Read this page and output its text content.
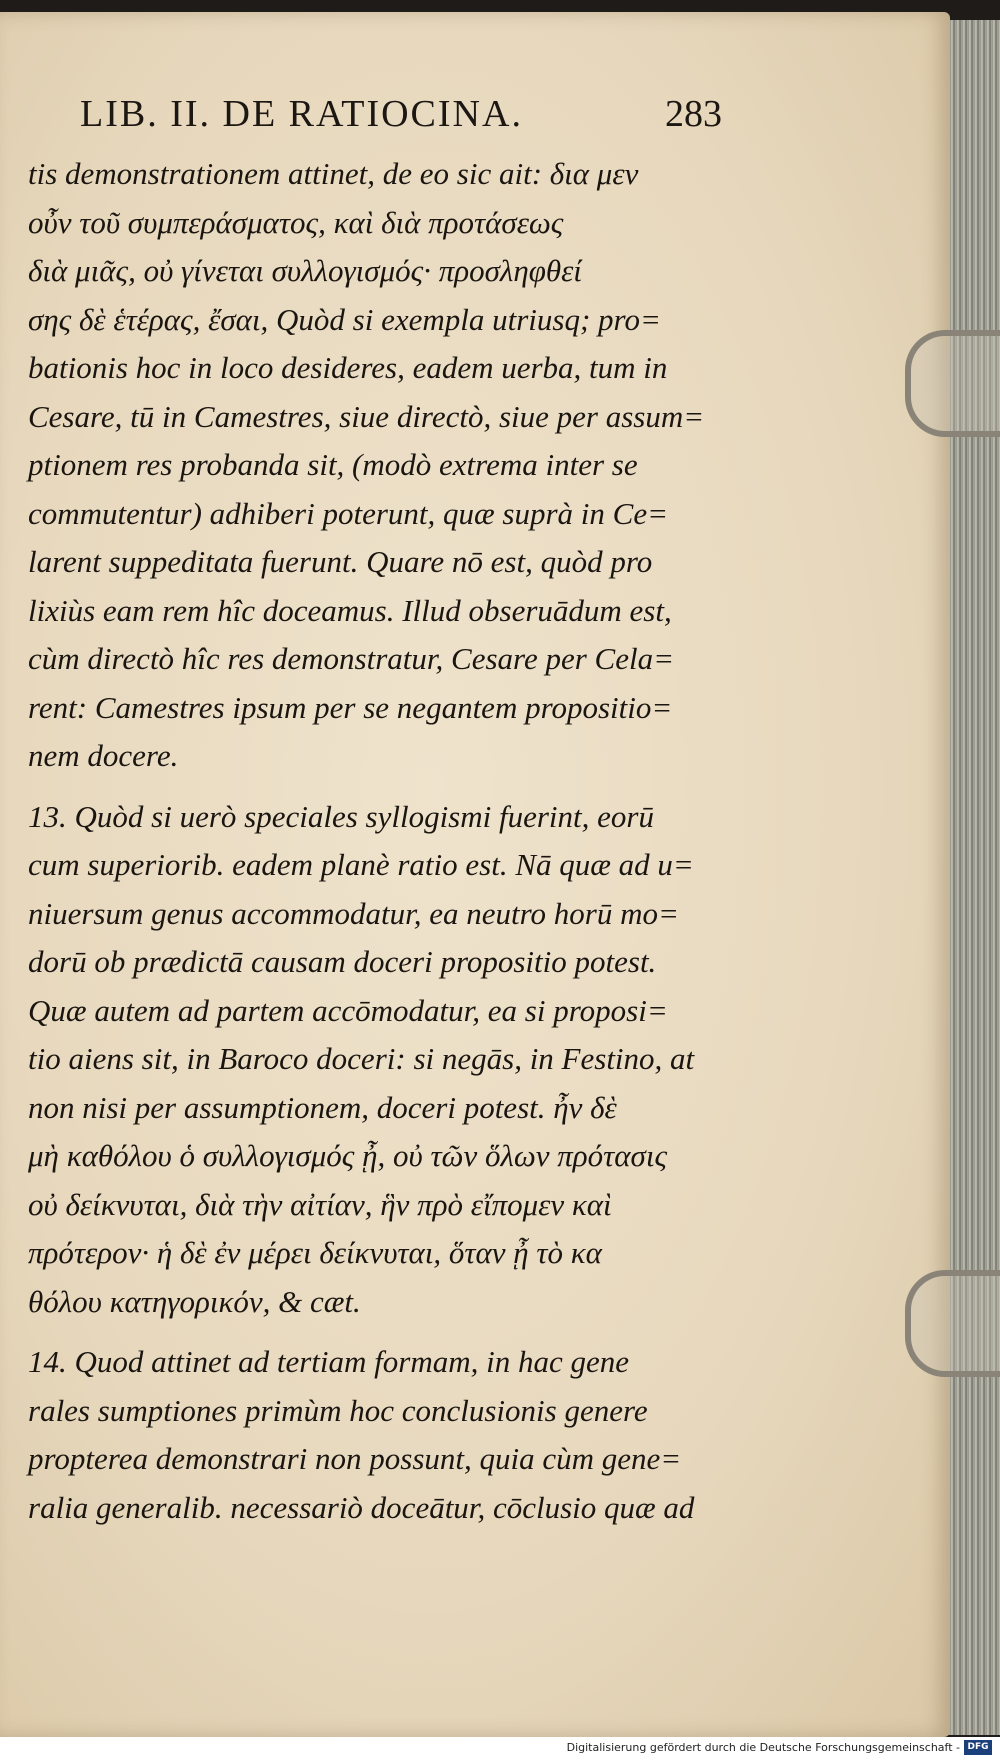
LIB. II. DE RATIOCINA.	283
tis demonstrationem attinet, de eo sic ait: δια μεν
οὖν τοῦ συμπεράσματος, καὶ διὰ προτάσεως
διὰ μιᾶς, οὐ γίνεται συλλογισμός· προσληφθεί
σης δὲ ἑτέρας, ἔσαι, Quòd si exempla utriusq; pro=
bationis hoc in loco desideres, eadem uerba, tum in
Cesare, tū in Camestres, siue directò, siue per assum=
ptionem res probanda sit, (modò extrema inter se
commutentur) adhiberi poterunt, quæ suprà in Ce=
larent suppeditata fuerunt. Quare nō est, quòd pro
lixiùs eam rem hîc doceamus. Illud obseruādum est,
cùm directò hîc res demonstratur, Cesare per Cela=
rent: Camestres ipsum per se negantem propositio=
nem docere.
13. Quòd si uerò speciales syllogismi fuerint, eorū
cum superiorib. eadem planè ratio est. Nā quæ ad u=
niuersum genus accommodatur, ea neutro horū mo=
dorū ob prædictā causam doceri propositio potest.
Quæ autem ad partem accōmodatur, ea si proposi=
tio aiens sit, in Baroco doceri: si negās, in Festino, at
non nisi per assumptionem, doceri potest. ἦν δὲ
μὴ καθόλου ὁ συλλογισμός ᾖ, οὐ τῶν ὅλων πρότασις
οὐ δείκνυται, διὰ τὴν αἰτίαν, ἣν πρὸ εἴπομεν καὶ
πρότερον· ἡ δὲ ἐν μέρει δείκνυται, ὅταν ᾖ τὸ κα
θόλου κατηγορικόν, & cæt.
14. Quod attinet ad tertiam formam, in hac gene
rales sumptiones primùm hoc conclusionis genere
propterea demonstrari non possunt, quia cùm gene=
ralia generalib. necessariò doceātur, cōclusio quæ ad
Digitalisierung gefördert durch die Deutsche Forschungsgemeinschaft - DFG
